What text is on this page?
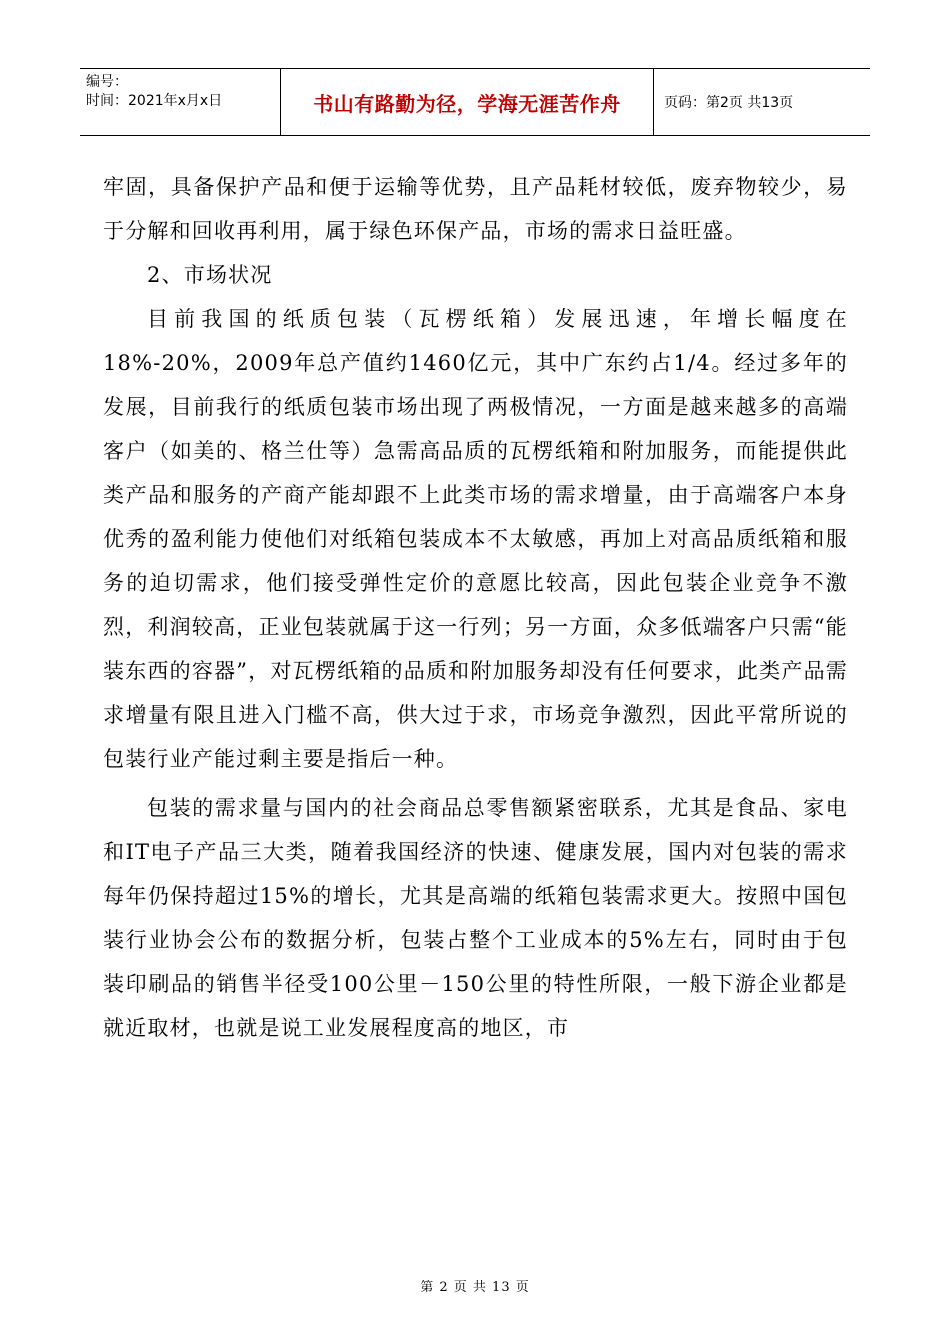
编号：
时间：2021年x月x日	书山有路勤为径，学海无涯苦作舟	页码：第2页 共13页

牢固，具备保护产品和便于运输等优势，且产品耗材较低，废弃物较少，易于分解和回收再利用，属于绿色环保产品，市场的需求日益旺盛。

2、市场状况

目前我国的纸质包装（瓦楞纸箱）发展迅速，年增长幅度在18%-20%，2009年总产值约1460亿元，其中广东约占1/4。经过多年的发展，目前我行的纸质包装市场出现了两极情况，一方面是越来越多的高端客户（如美的、格兰仕等）急需高品质的瓦楞纸箱和附加服务，而能提供此类产品和服务的产商产能却跟不上此类市场的需求增量，由于高端客户本身优秀的盈利能力使他们对纸箱包装成本不太敏感，再加上对高品质纸箱和服务的迫切需求，他们接受弹性定价的意愿比较高，因此包装企业竞争不激烈，利润较高，正业包装就属于这一行列；另一方面，众多低端客户只需“能装东西的容器”，对瓦楞纸箱的品质和附加服务却没有任何要求，此类产品需求增量有限且进入门槛不高，供大过于求，市场竞争激烈，因此平常所说的包装行业产能过剩主要是指后一种。

包装的需求量与国内的社会商品总零售额紧密联系，尤其是食品、家电和IT电子产品三大类，随着我国经济的快速、健康发展，国内对包装的需求每年仍保持超过15%的增长，尤其是高端的纸箱包装需求更大。按照中国包装行业协会公布的数据分析，包装占整个工业成本的5%左右，同时由于包装印刷品的销售半径受100公里－150公里的特性所限，一般下游企业都是就近取材，也就是说工业发展程度高的地区，市

第 2 页 共 13 页
